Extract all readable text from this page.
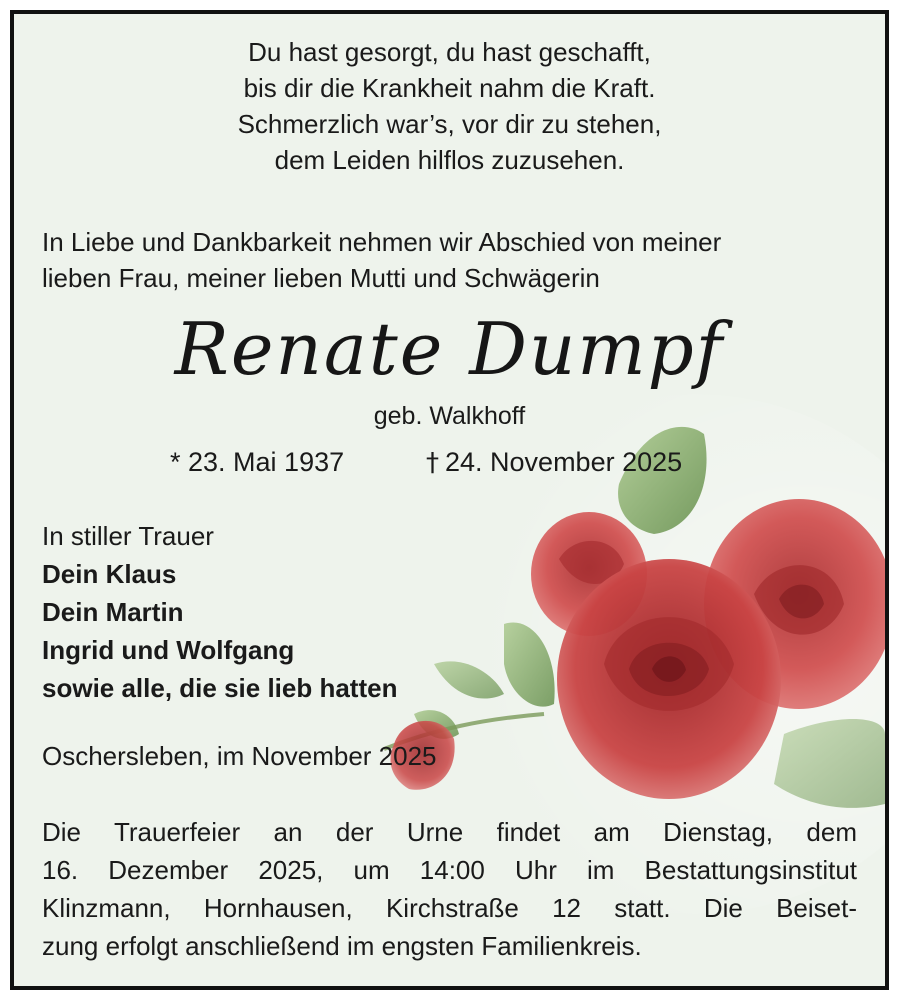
Du hast gesorgt, du hast geschafft,
bis dir die Krankheit nahm die Kraft.
Schmerzlich war’s, vor dir zu stehen,
dem Leiden hilflos zuzusehen.
In Liebe und Dankbarkeit nehmen wir Abschied von meiner
lieben Frau, meiner lieben Mutti und Schwägerin
Renate Dumpf
geb. Walkhoff
* 23. Mai 1937	† 24. November 2025
In stiller Trauer
Dein Klaus
Dein Martin
Ingrid und Wolfgang
sowie alle, die sie lieb hatten
Oschersleben, im November 2025
Die Trauerfeier an der Urne findet am Dienstag, dem
16. Dezember 2025, um 14:00 Uhr im Bestattungsinstitut
Klinzmann, Hornhausen, Kirchstraße 12 statt. Die Beiset-
zung erfolgt anschließend im engsten Familienkreis.
